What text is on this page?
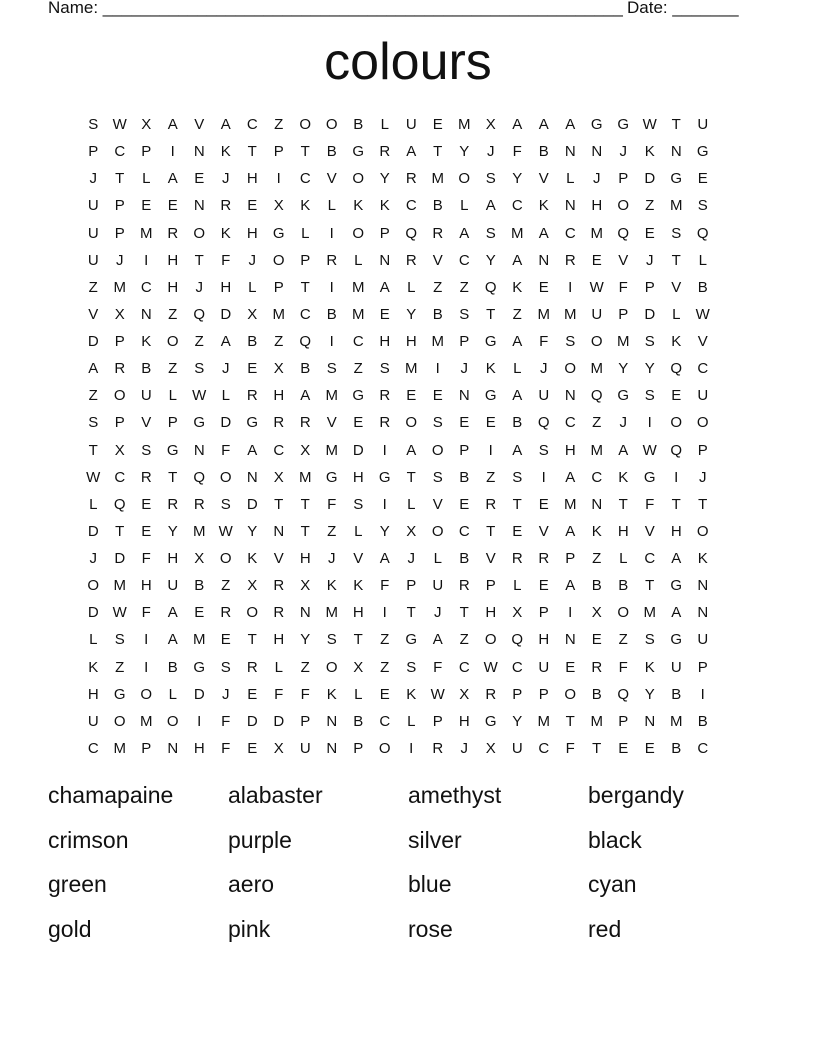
Name: _______________________________________________________ Date: _______
colours
S W X	A	V	A	C	Z	O O	B	L	U	E	M	X	A	A	A	G G W T	U
P	C	P	I	N	K	T	P	T	B	G	R	A	T	Y	J	F	B	N	N	J	K	N	G
J	T	L	A	E	J	H	I	C	V	O	Y	R M O	S	Y	V	L	J	P	D	G	E
U	P	E	E	N	R	E	X	K	L	K	K	C	B	L	A	C	K	N	H	O	Z	M	S
U	P	M R	O	K	H	G	L	I	O	P	Q	R	A	S	M	A	C M Q	E	S	Q
U	J	I	H	T	F	J	O	P	R	L	N	R	V	C	Y	A	N	R	E	V	J	T	L
Z	M C	H	J	H	L	P	T	I	M	A	L	Z	Z	Q	K	E	I	W F	P	V	B
V	X	N	Z	Q	D	X	M C	B	M	E	Y	B	S	T	Z	M M U	P	D	L	W
D	P	K	O	Z	A	B	Z	Q	I	C	H	H M	P	G	A	F	S	O M	S	K	V
A	R	B	Z	S	J	E	X	B	S	Z	S	M	I	J	K	L	J	O M	Y	Y	Q	C
Z	O	U	L	W	L	R	H	A	M G	R	E	E	N	G	A	U	N	Q G	S	E	U
S	P	V	P	G	D	G	R	R	V	E	R	O	S	E	E	B	Q	C	Z	J	I	O O
T	X	S	G	N	F	A	C	X	M D	I	A	O	P	I	A	S	H M	A W Q	P
W C	R	T	Q O	N	X	M G	H	G	T	S	B	Z	S	I	A	C	K	G	I	J
L	Q	E	R	R	S	D	T	T	F	S	I	L	V	E	R	T	E	M N	T	F	T	T
D	T	E	Y	M W Y	N	T	Z	L	Y	X	O	C	T	E	V	A	K	H	V	H	O
J	D	F	H	X	O	K	V	H	J	V	A	J	L	B	V	R	R	P	Z	L	C	A	K
O M H	U	B	Z	X	R	X	K	K	F	P	U	R	P	L	E	A	B	B	T	G	N
D W F	A	E	R	O	R	N M H	I	T	J	T	H	X	P	I	X	O M	A	N
L	S	I	A	M	E	T	H	Y	S	T	Z	G	A	Z	O Q	H	N	E	Z	S	G	U
K	Z	I	B	G	S	R	L	Z	O	X	Z	S	F	C W C	U	E	R	F	K	U	P
H	G O	L	D	J	E	F	F	K	L	E	K W X	R	P	P	O	B	Q	Y	B	I
U	O M O	I	F	D	D	P	N	B	C	L	P	H	G	Y	M	T	M	P	N M	B
C M	P	N	H	F	E	X	U	N	P	O	I	R	J	X	U	C	F	T	E	E	B	C
chamapaine alabaster	amethyst	bergandy
crimson	purple	silver	black
green	aero	blue	cyan
gold	pink	rose	red
